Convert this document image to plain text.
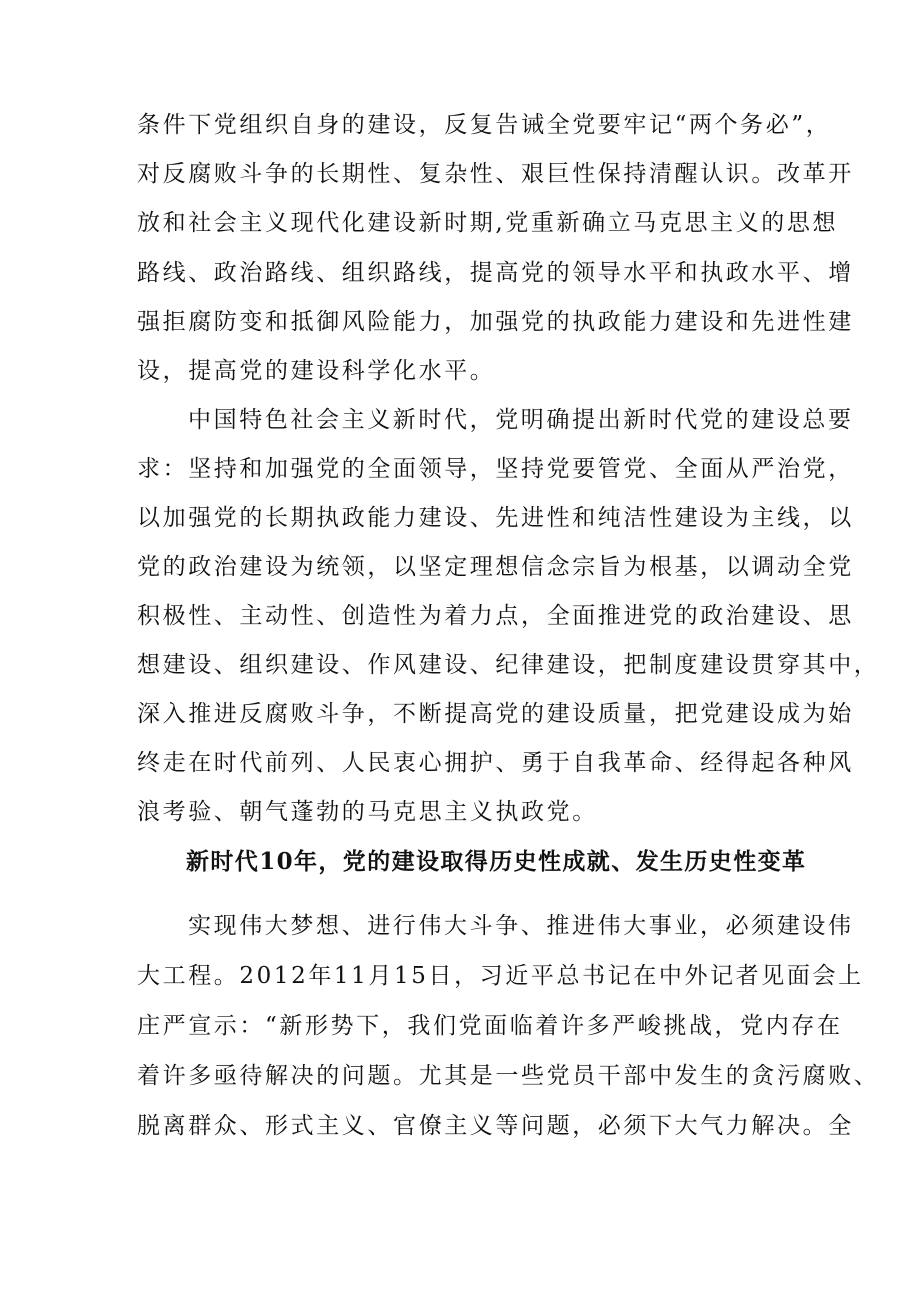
条件下党组织自身的建设，反复告诫全党要牢记“两个务必”，
对反腐败斗争的长期性、复杂性、艰巨性保持清醒认识。改革开
放和社会主义现代化建设新时期,党重新确立马克思主义的思想
路线、政治路线、组织路线，提高党的领导水平和执政水平、增
强拒腐防变和抵御风险能力，加强党的执政能力建设和先进性建
设，提高党的建设科学化水平。
中国特色社会主义新时代，党明确提出新时代党的建设总要
求：坚持和加强党的全面领导，坚持党要管党、全面从严治党，
以加强党的长期执政能力建设、先进性和纯洁性建设为主线，以
党的政治建设为统领，以坚定理想信念宗旨为根基，以调动全党
积极性、主动性、创造性为着力点，全面推进党的政治建设、思
想建设、组织建设、作风建设、纪律建设，把制度建设贯穿其中，
深入推进反腐败斗争，不断提高党的建设质量，把党建设成为始
终走在时代前列、人民衷心拥护、勇于自我革命、经得起各种风
浪考验、朝气蓬勃的马克思主义执政党。
新时代10年，党的建设取得历史性成就、发生历史性变革
实现伟大梦想、进行伟大斗争、推进伟大事业，必须建设伟
大工程。2012年11月15日，习近平总书记在中外记者见面会上
庄严宣示：“新形势下，我们党面临着许多严峻挑战，党内存在
着许多亟待解决的问题。尤其是一些党员干部中发生的贪污腐败、
脱离群众、形式主义、官僚主义等问题，必须下大气力解决。全
